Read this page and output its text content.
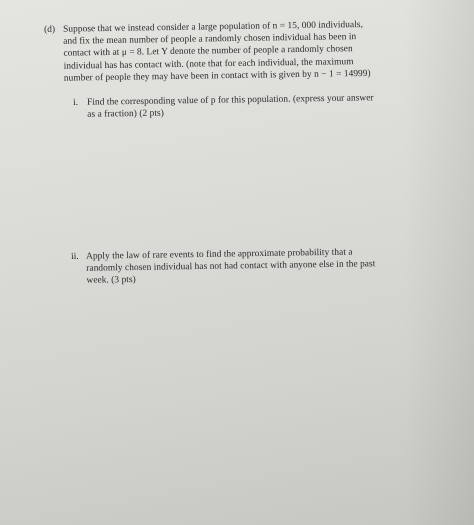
(d) Suppose that we instead consider a large population of n = 15, 000 individuals,
and fix the mean number of people a randomly chosen individual has been in
contact with at μ = 8. Let Y denote the number of people a randomly chosen
individual has has contact with. (note that for each individual, the maximum
number of people they may have been in contact with is given by n − 1 = 14999)
i. Find the corresponding value of p for this population. (express your answer
as a fraction) (2 pts)
ii. Apply the law of rare events to find the approximate probability that a
randomly chosen individual has not had contact with anyone else in the past
week. (3 pts)
